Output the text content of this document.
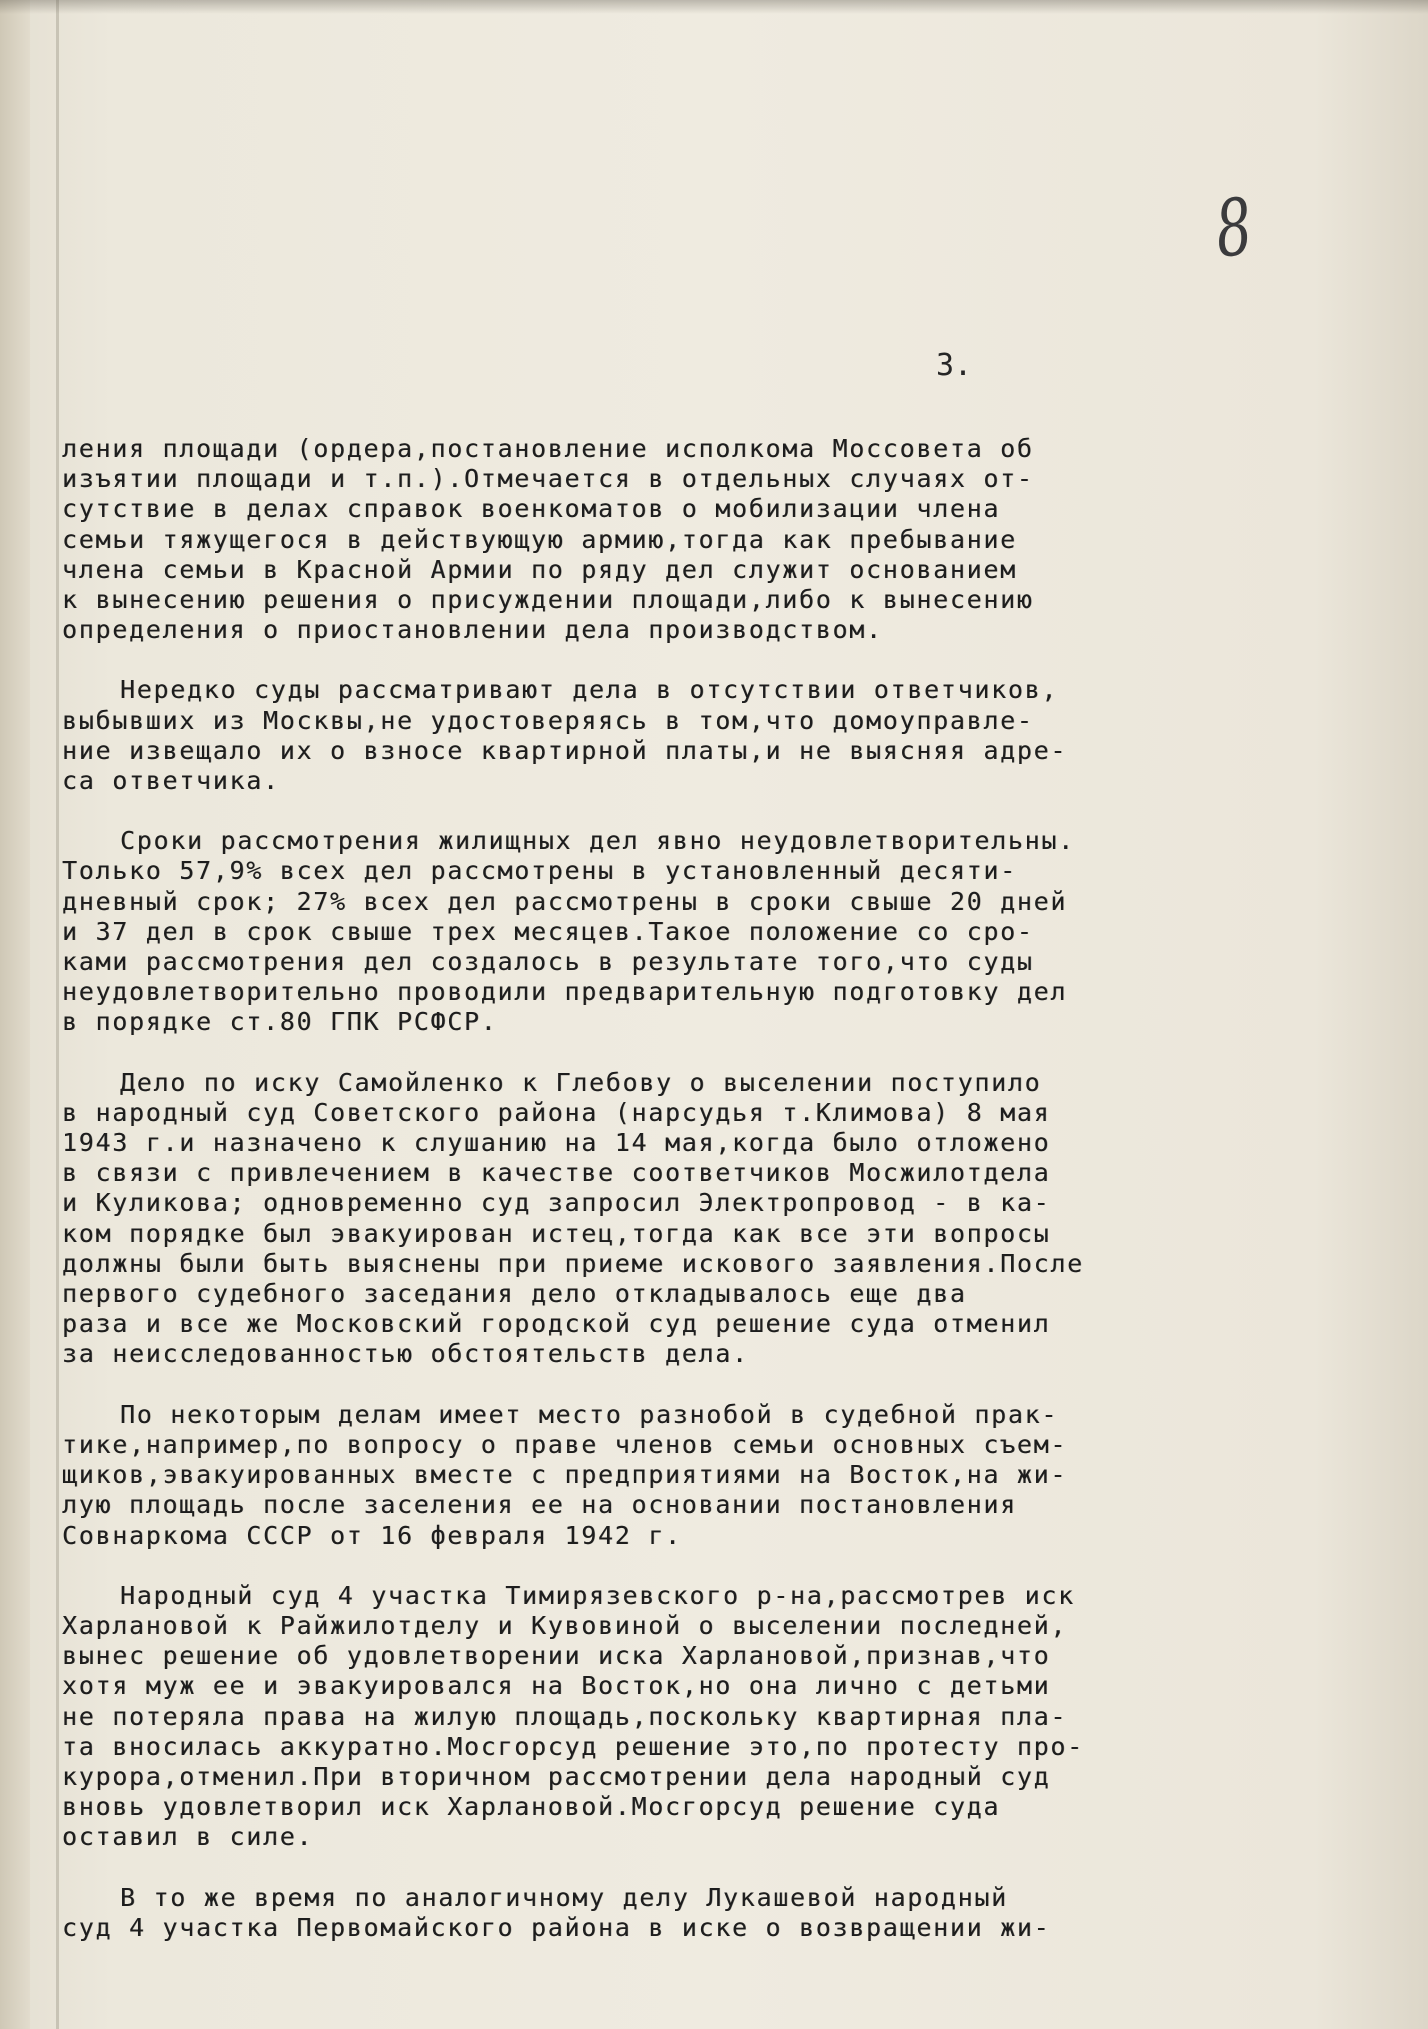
8

3.

ления площади (ордера,постановление исполкома Моссовета об
изъятии площади и т.п.).Отмечается в отдельных случаях от-
сутствие в делах справок военкоматов о мобилизации члена
семьи тяжущегося в действующую армию,тогда как пребывание
члена семьи в Красной Армии по ряду дел служит основанием
к вынесению решения о присуждении площади,либо к вынесению
определения о приостановлении дела производством.
Нередко суды рассматривают дела в отсутствии ответчиков,
выбывших из Москвы,не удостоверяясь в том,что домоуправле-
ние извещало их о взносе квартирной платы,и не выясняя адре-
са ответчика.
Сроки рассмотрения жилищных дел явно неудовлетворительны.
Только 57,9% всех дел рассмотрены в установленный десяти-
дневный срок; 27% всех дел рассмотрены в сроки свыше 20 дней
и 37 дел в срок свыше трех месяцев.Такое положение со сро-
ками рассмотрения дел создалось в результате того,что суды
неудовлетворительно проводили предварительную подготовку дел
в порядке ст.80 ГПК РСФСР.
Дело по иску Самойленко к Глебову о выселении поступило
в народный суд Советского района (нарсудья т.Климова) 8 мая
1943 г.и назначено к слушанию на 14 мая,когда было отложено
в связи с привлечением в качестве соответчиков Мосжилотдела
и Куликова; одновременно суд запросил Электропровод - в ка-
ком порядке был эвакуирован истец,тогда как все эти вопросы
должны были быть выяснены при приеме искового заявления.После
первого судебного заседания дело откладывалось еще два
раза и все же Московский городской суд решение суда отменил
за неисследованностью обстоятельств дела.
По некоторым делам имеет место разнобой в судебной прак-
тике,например,по вопросу о праве членов семьи основных съем-
щиков,эвакуированных вместе с предприятиями на Восток,на жи-
лую площадь после заселения ее на основании постановления
Совнаркома СССР от 16 февраля 1942 г.
Народный суд 4 участка Тимирязевского р-на,рассмотрев иск
Харлановой к Райжилотделу и Кувовиной о выселении последней,
вынес решение об удовлетворении иска Харлановой,признав,что
хотя муж ее и эвакуировался на Восток,но она лично с детьми
не потеряла права на жилую площадь,поскольку квартирная пла-
та вносилась аккуратно.Мосгорсуд решение это,по протесту про-
курора,отменил.При вторичном рассмотрении дела народный суд
вновь удовлетворил иск Харлановой.Мосгорсуд решение суда
оставил в силе.
В то же время по аналогичному делу Лукашевой народный
суд 4 участка Первомайского района в иске о возвращении жи-
